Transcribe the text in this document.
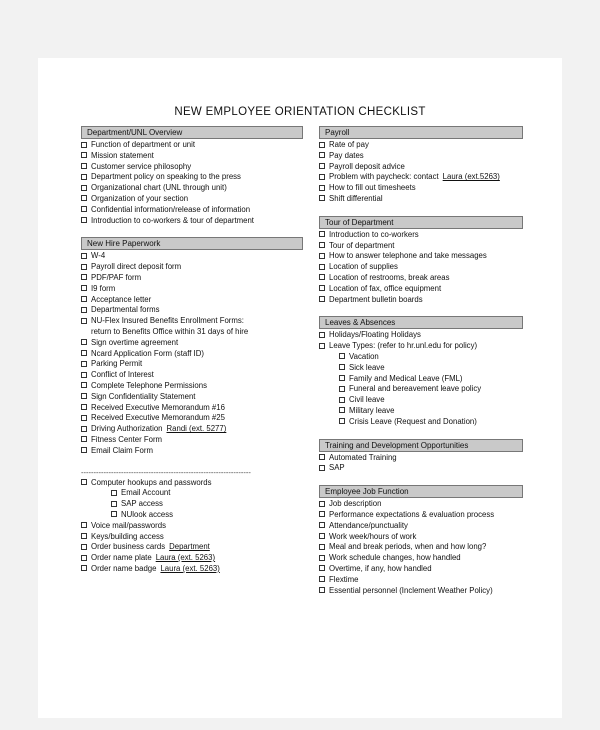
NEW EMPLOYEE ORIENTATION CHECKLIST
Department/UNL Overview
Function of department or unit
Mission statement
Customer service philosophy
Department policy on speaking to the press
Organizational chart (UNL through unit)
Organization of your section
Confidential information/release of information
Introduction to co-workers & tour of department
New Hire Paperwork
W-4
Payroll direct deposit form
PDF/PAF form
I9 form
Acceptance letter
Departmental forms
NU-Flex Insured Benefits Enrollment Forms:
return to Benefits Office within 31 days of hire
Sign overtime agreement
Ncard Application Form (staff ID)
Parking Permit
Conflict of Interest
Complete Telephone Permissions
Sign Confidentiality Statement
Received Executive Memorandum #16
Received Executive Memorandum #25
Driving Authorization Randi (ext. 5277)
Fitness Center Form
Email Claim Form
--------------------------------------------------------------------
Computer hookups and passwords
Email Account
SAP access
NUlook access
Voice mail/passwords
Keys/building access
Order business cards Department
Order name plate Laura (ext. 5263)
Order name badge Laura (ext. 5263)
Payroll
Rate of pay
Pay dates
Payroll deposit advice
Problem with paycheck: contact Laura (ext.5263)
How to fill out timesheets
Shift differential
Tour of Department
Introduction to co-workers
Tour of department
How to answer telephone and take messages
Location of supplies
Location of restrooms, break areas
Location of fax, office equipment
Department bulletin boards
Leaves & Absences
Holidays/Floating Holidays
Leave Types: (refer to hr.unl.edu for policy)
Vacation
Sick leave
Family and Medical Leave (FML)
Funeral and bereavement leave policy
Civil leave
Military leave
Crisis Leave (Request and Donation)
Training and Development Opportunities
Automated Training
SAP
Employee Job Function
Job description
Performance expectations & evaluation process
Attendance/punctuality
Work week/hours of work
Meal and break periods, when and how long?
Work schedule changes, how handled
Overtime, if any, how handled
Flextime
Essential personnel (Inclement Weather Policy)
